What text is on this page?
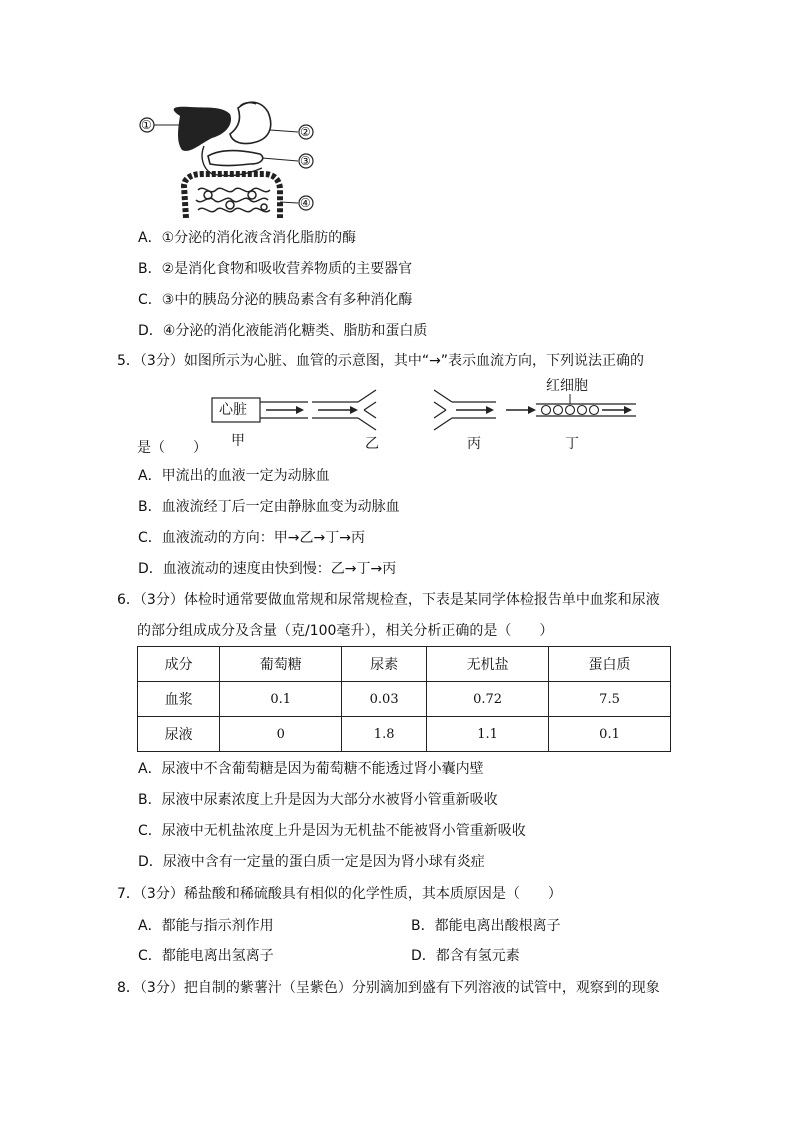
①	②
③
④
A．①分泌的消化液含消化脂肪的酶
B．②是消化食物和吸收营养物质的主要器官
C．③中的胰岛分泌的胰岛素含有多种消化酶
D．④分泌的消化液能消化糖类、脂肪和蛋白质
5．（3分）如图所示为心脏、血管的示意图，其中“→”表示血流方向，下列说法正确的
心脏
红细胞
甲	乙	丙	丁
是（　　）
A．甲流出的血液一定为动脉血
B．血液流经丁后一定由静脉血变为动脉血
C．血液流动的方向：甲→乙→丁→丙
D．血液流动的速度由快到慢：乙→丁→丙
6．（3分）体检时通常要做血常规和尿常规检查，下表是某同学体检报告单中血浆和尿液
的部分组成成分及含量（克/100毫升），相关分析正确的是（　　）
成分	葡萄糖	尿素	无机盐	蛋白质
血浆	0.1	0.03	0.72	7.5
尿液	0	1.8	1.1	0.1
A．尿液中不含葡萄糖是因为葡萄糖不能透过肾小囊内壁
B．尿液中尿素浓度上升是因为大部分水被肾小管重新吸收
C．尿液中无机盐浓度上升是因为无机盐不能被肾小管重新吸收
D．尿液中含有一定量的蛋白质一定是因为肾小球有炎症
7．（3分）稀盐酸和稀硫酸具有相似的化学性质，其本质原因是（　　）
A．都能与指示剂作用	B．都能电离出酸根离子
C．都能电离出氢离子	D．都含有氢元素
8．（3分）把自制的紫薯汁（呈紫色）分别滴加到盛有下列溶液的试管中，观察到的现象
